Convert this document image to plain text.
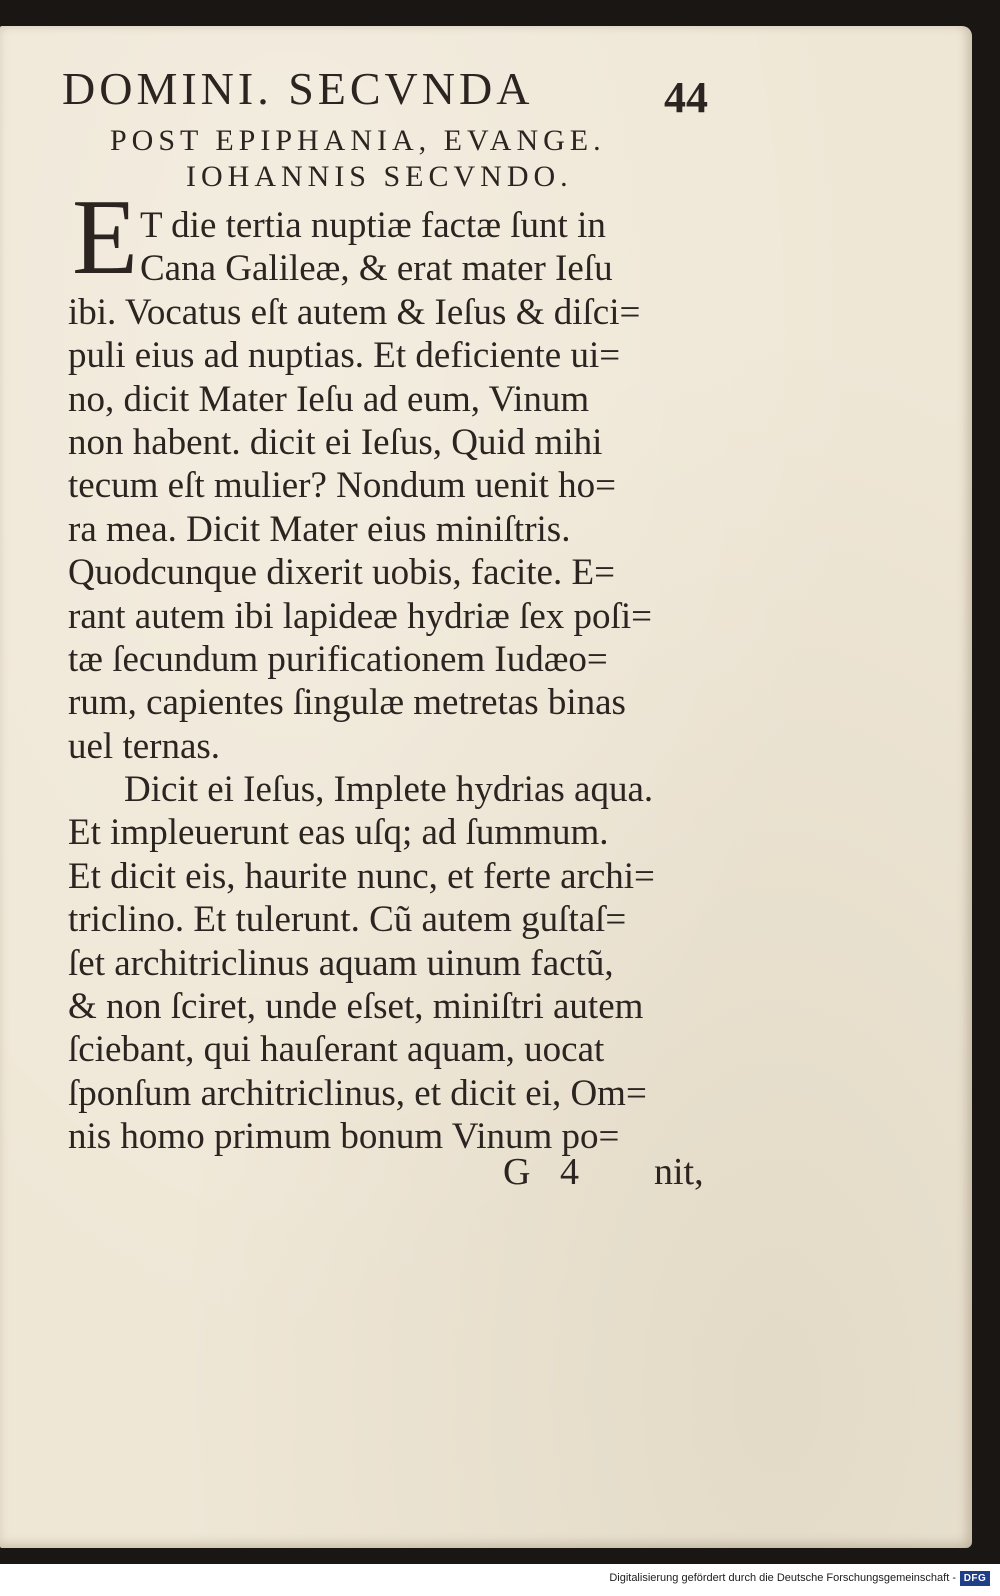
DOMINI. SECVNDA	44
POST EPIPHANIA, EVANGE.
IOHANNIS SECVNDO.
E T die tertia nuptiæ factæ ſunt in
Cana Galileæ, & erat mater Ieſu
ibi. Vocatus eſt autem & Ieſus & diſci=
puli eius ad nuptias. Et deficiente ui=
no, dicit Mater Ieſu ad eum, Vinum
non habent. dicit ei Ieſus, Quid mihi
tecum eſt mulier? Nondum uenit ho=
ra mea. Dicit Mater eius miniſtris.
Quodcunque dixerit uobis, facite. E=
rant autem ibi lapideæ hydriæ ſex poſi=
tæ ſecundum purificationem Iudæo=
rum, capientes ſingulæ metretas binas
uel ternas.
Dicit ei Ieſus, Implete hydrias aqua.
Et impleuerunt eas uſq; ad ſummum.
Et dicit eis, haurite nunc, et ferte archi=
triclino. Et tulerunt. Cũ autem guſtaſ=
ſet architriclinus aquam uinum factũ,
& non ſciret, unde eſset, miniſtri autem
ſciebant, qui hauſerant aquam, uocat
ſponſum architriclinus, et dicit ei, Om=
nis homo primum bonum Vinum po=
G 4 nit,
Digitalisierung gefördert durch die Deutsche Forschungsgemeinschaft - DFG
